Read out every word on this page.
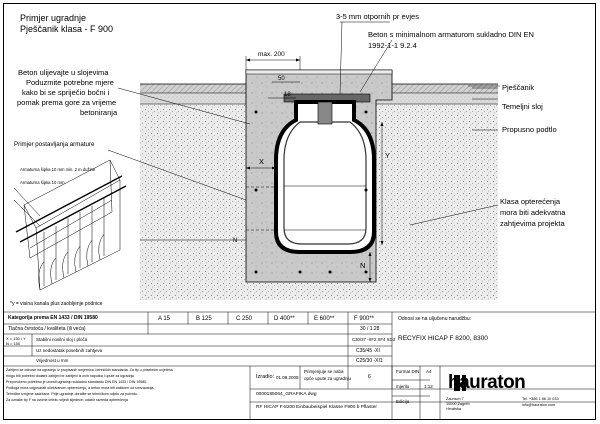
Primjer ugradnje
Pješčanik klasa - F 900
3-5 mm otpornih pr evjes
Beton s minimalnom armaturom sukladno DIN EN
1992-1-1 9.2.4
max. 200
50
18
X
Y
N
N
Beton uliјevajte u slojevima
Poduzmite potrebne mjere
kako bi se spriječio bočni i
pomak prema gore za vrijeme
betoniranja
Primjer postavljanja armature
Armaturna šipka 10 mm min. 2 m dužine
Armaturna šipka 10 mm
Pješčanik
Temeljni sloj
Propusno podtlo
Klasa opterećenja
mora biti adekvatna
zahtjevima projekta
*y = visina kanala plus zaobljenje podnice
Kategorija prema EN 1433 / DIN 19580	A 15	B 125	C 250	D 400**	E 600**	F 900**
Tlačna čvrstoća / kvaliteta (ili veća)	30 / 1.28
X = 150 / Y
N = 150
Stabilni nosilni sloj / ploča	C30/37 -XF2 XF4 XD3
Uz nedostatak posebnih zahtjeva	C35/45 -XI
Vrijednost u mm	C25/30 -XI1
Zahtjevi se odnose na ugradnju iz propisanih smjernica i tehničkih standarda. Za tip u posebnim uvjetima
mogu biti potrebni dodatni zahtjevi te zahtjevi iz ovih naputka i upute za ugradnju
Preporučeno potrebno je izvesti ugradnju sukladno standardu DIN EN 1433 / DIN 19580.
Podloga mora odgovarati očekivanom opterećenju, a beton mora biti zaštićen od smrzavanja.
Tehničke izmjene zadržane. Prije ugradnje obratite se tehničkom odjelu za potvrdu.
Za oznake tip F na ovome crtežu vrijedi sljedeće: odabir razreda opterećenja
Izradio: 01.09.2009
Primjenjuje se naba
opće upute za ugradnju	6
Odnosi se na uljučenu narudžbu:
RECYFIX HICAP F 8200, 8300
Format DIN A4
mjerilo	1:12
Edicija
0000185064_GRAFIKA.dwg
RF HICAP F-8200 Einbaubeispiel Klasse F900 b Pflaster
hauraton
Zaunsch 7
10000 Zagreb
Hrvatska
Tel. +386 1 66 10 033
info@hauraton.com
